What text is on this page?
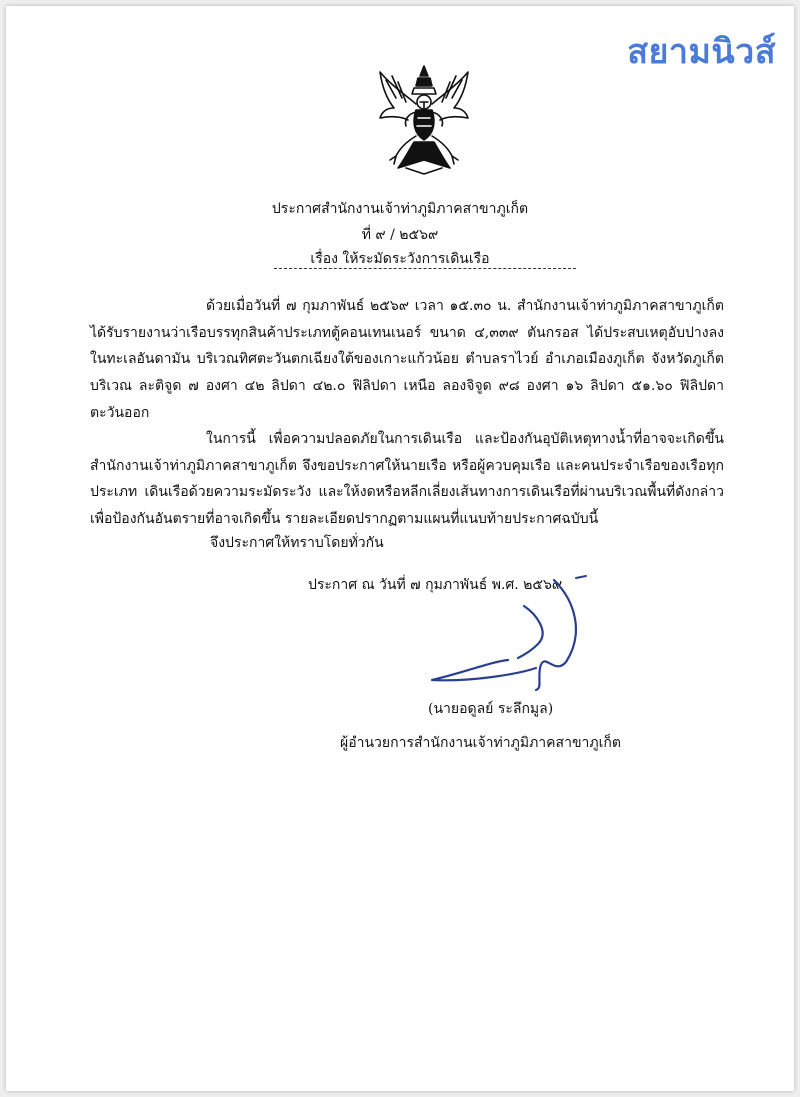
สยามนิวส์
ประกาศสำนักงานเจ้าท่าภูมิภาคสาขาภูเก็ต
ที่ ๙ / ๒๕๖๙
เรื่อง ให้ระมัดระวังการเดินเรือ

ด้วยเมื่อวันที่ ๗ กุมภาพันธ์ ๒๕๖๙ เวลา ๑๕.๓๐ น. สำนักงานเจ้าท่าภูมิภาคสาขาภูเก็ต ได้รับรายงานว่าเรือบรรทุกสินค้าประเภทตู้คอนเทนเนอร์ ขนาด ๔,๓๓๙ ตันกรอส ได้ประสบเหตุอับปางลงในทะเลอันดามัน บริเวณทิศตะวันตกเฉียงใต้ของเกาะแก้วน้อย ตำบลราไวย์ อำเภอเมืองภูเก็ต จังหวัดภูเก็ต บริเวณ ละติจูด ๗ องศา ๔๒ ลิปดา ๔๒.๐ ฟิลิปดา เหนือ ลองจิจูด ๙๘ องศา ๑๖ ลิปดา ๕๑.๖๐ ฟิลิปดา ตะวันออก

ในการนี้ เพื่อความปลอดภัยในการเดินเรือ และป้องกันอุบัติเหตุทางน้ำที่อาจจะเกิดขึ้น สำนักงานเจ้าท่าภูมิภาคสาขาภูเก็ต จึงขอประกาศให้นายเรือ หรือผู้ควบคุมเรือ และคนประจำเรือของเรือทุกประเภท เดินเรือด้วยความระมัดระวัง และให้งดหรือหลีกเลี่ยงเส้นทางการเดินเรือที่ผ่านบริเวณพื้นที่ดังกล่าวเพื่อป้องกันอันตรายที่อาจเกิดขึ้น รายละเอียดปรากฏตามแผนที่แนบท้ายประกาศฉบับนี้

จึงประกาศให้ทราบโดยทั่วกัน
ประกาศ ณ วันที่ ๗ กุมภาพันธ์ พ.ศ. ๒๕๖๙
(นายอดูลย์ ระลึกมูล)
ผู้อำนวยการสำนักงานเจ้าท่าภูมิภาคสาขาภูเก็ต
